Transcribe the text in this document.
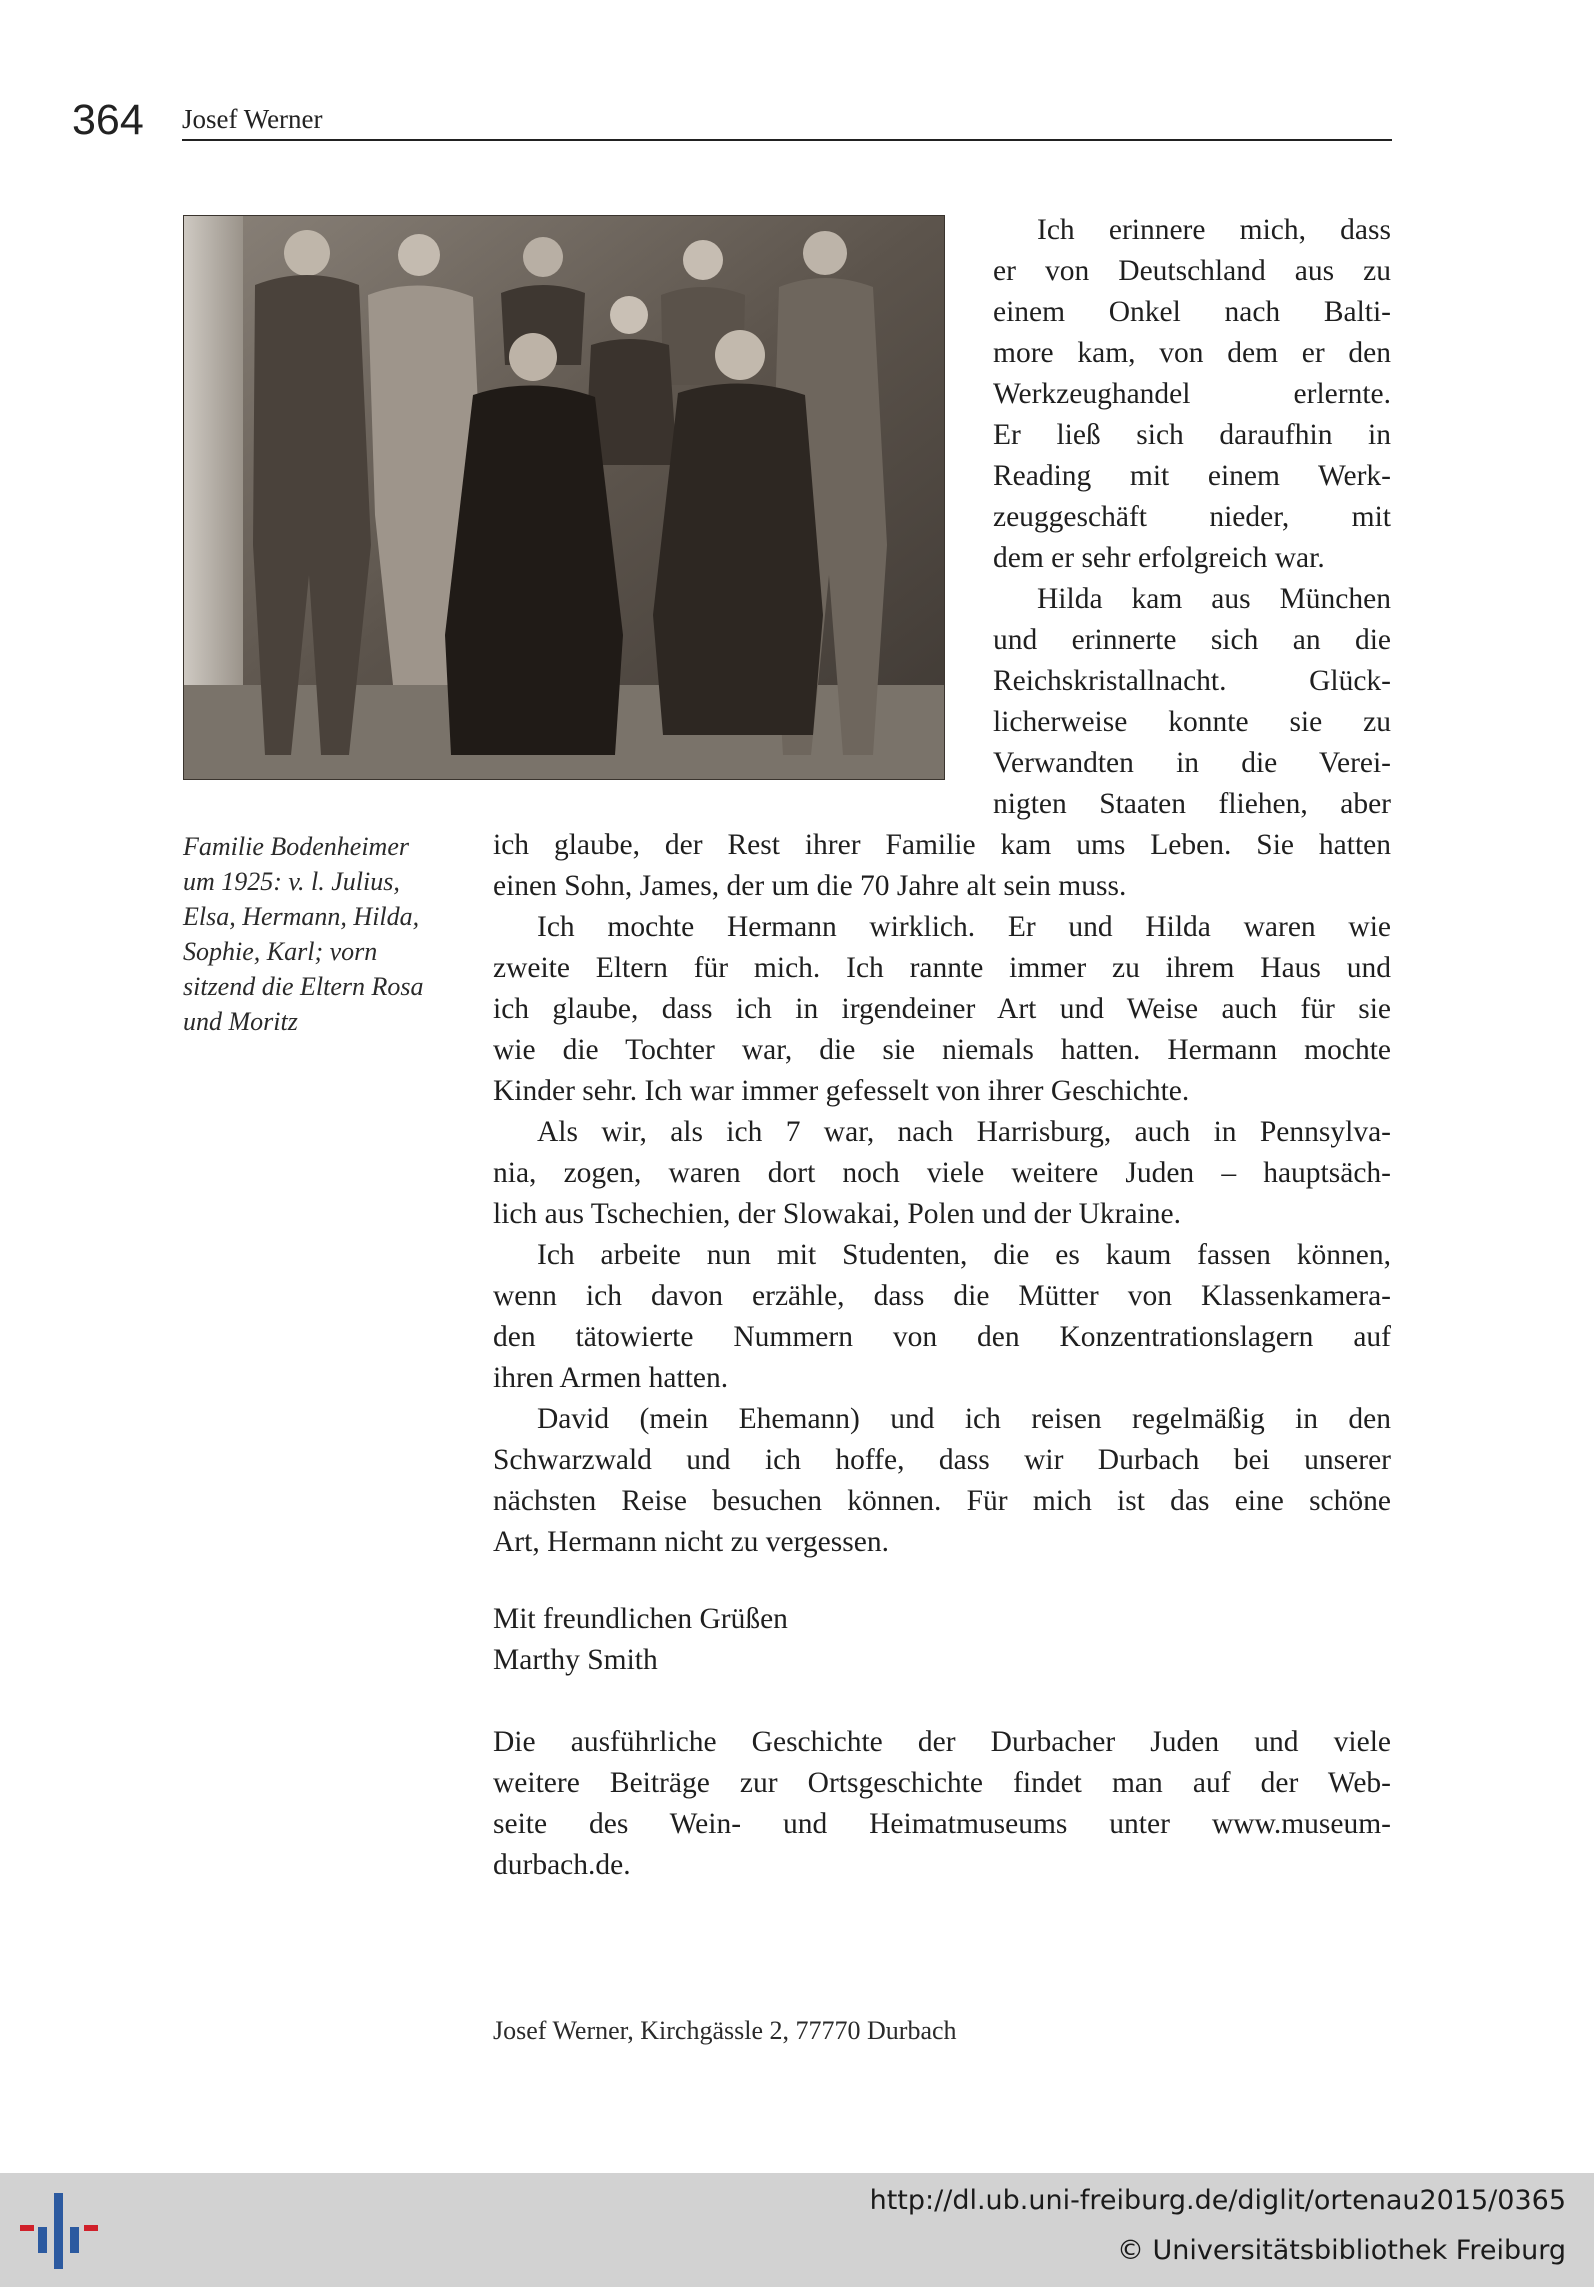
364 Josef Werner

Familie Bodenheimer

um 1925: v. l. Julius,

Elsa, Hermann, Hilda,

Sophie, Karl; vorn

sitzend die Eltern Rosa

und Moritz

Ich erinnere mich, dass
er von Deutschland aus zu
einem Onkel nach Balti-
more kam, von dem er den
Werkzeughandel erlernte.
Er ließ sich daraufhin in
Reading mit einem Werk-
zeuggeschäft nieder, mit
dem er sehr erfolgreich war.
Hilda kam aus München
und erinnerte sich an die
Reichskristallnacht. Glück-
licherweise konnte sie zu
Verwandten in die Verei-
nigten Staaten fliehen, aber
ich glaube, der Rest ihrer Familie kam ums Leben. Sie hatten
einen Sohn, James, der um die 70 Jahre alt sein muss.
Ich mochte Hermann wirklich. Er und Hilda waren wie
zweite Eltern für mich. Ich rannte immer zu ihrem Haus und
ich glaube, dass ich in irgendeiner Art und Weise auch für sie
wie die Tochter war, die sie niemals hatten. Hermann mochte
Kinder sehr. Ich war immer gefesselt von ihrer Geschichte.
Als wir, als ich 7 war, nach Harrisburg, auch in Pennsylva-
nia, zogen, waren dort noch viele weitere Juden – hauptsäch-
lich aus Tschechien, der Slowakai, Polen und der Ukraine.
Ich arbeite nun mit Studenten, die es kaum fassen können,
wenn ich davon erzähle, dass die Mütter von Klassenkamera-
den tätowierte Nummern von den Konzentrationslagern auf
ihren Armen hatten.
David (mein Ehemann) und ich reisen regelmäßig in den
Schwarzwald und ich hoffe, dass wir Durbach bei unserer
nächsten Reise besuchen können. Für mich ist das eine schöne
Art, Hermann nicht zu vergessen.
Mit freundlichen Grüßen
Marthy Smith
Die ausführliche Geschichte der Durbacher Juden und viele
weitere Beiträge zur Ortsgeschichte findet man auf der Web-
seite des Wein- und Heimatmuseums unter www.museum-
durbach.de.
Josef Werner, Kirchgässle 2, 77770 Durbach
http://dl.ub.uni-freiburg.de/diglit/ortenau2015/0365
© Universitätsbibliothek Freiburg
